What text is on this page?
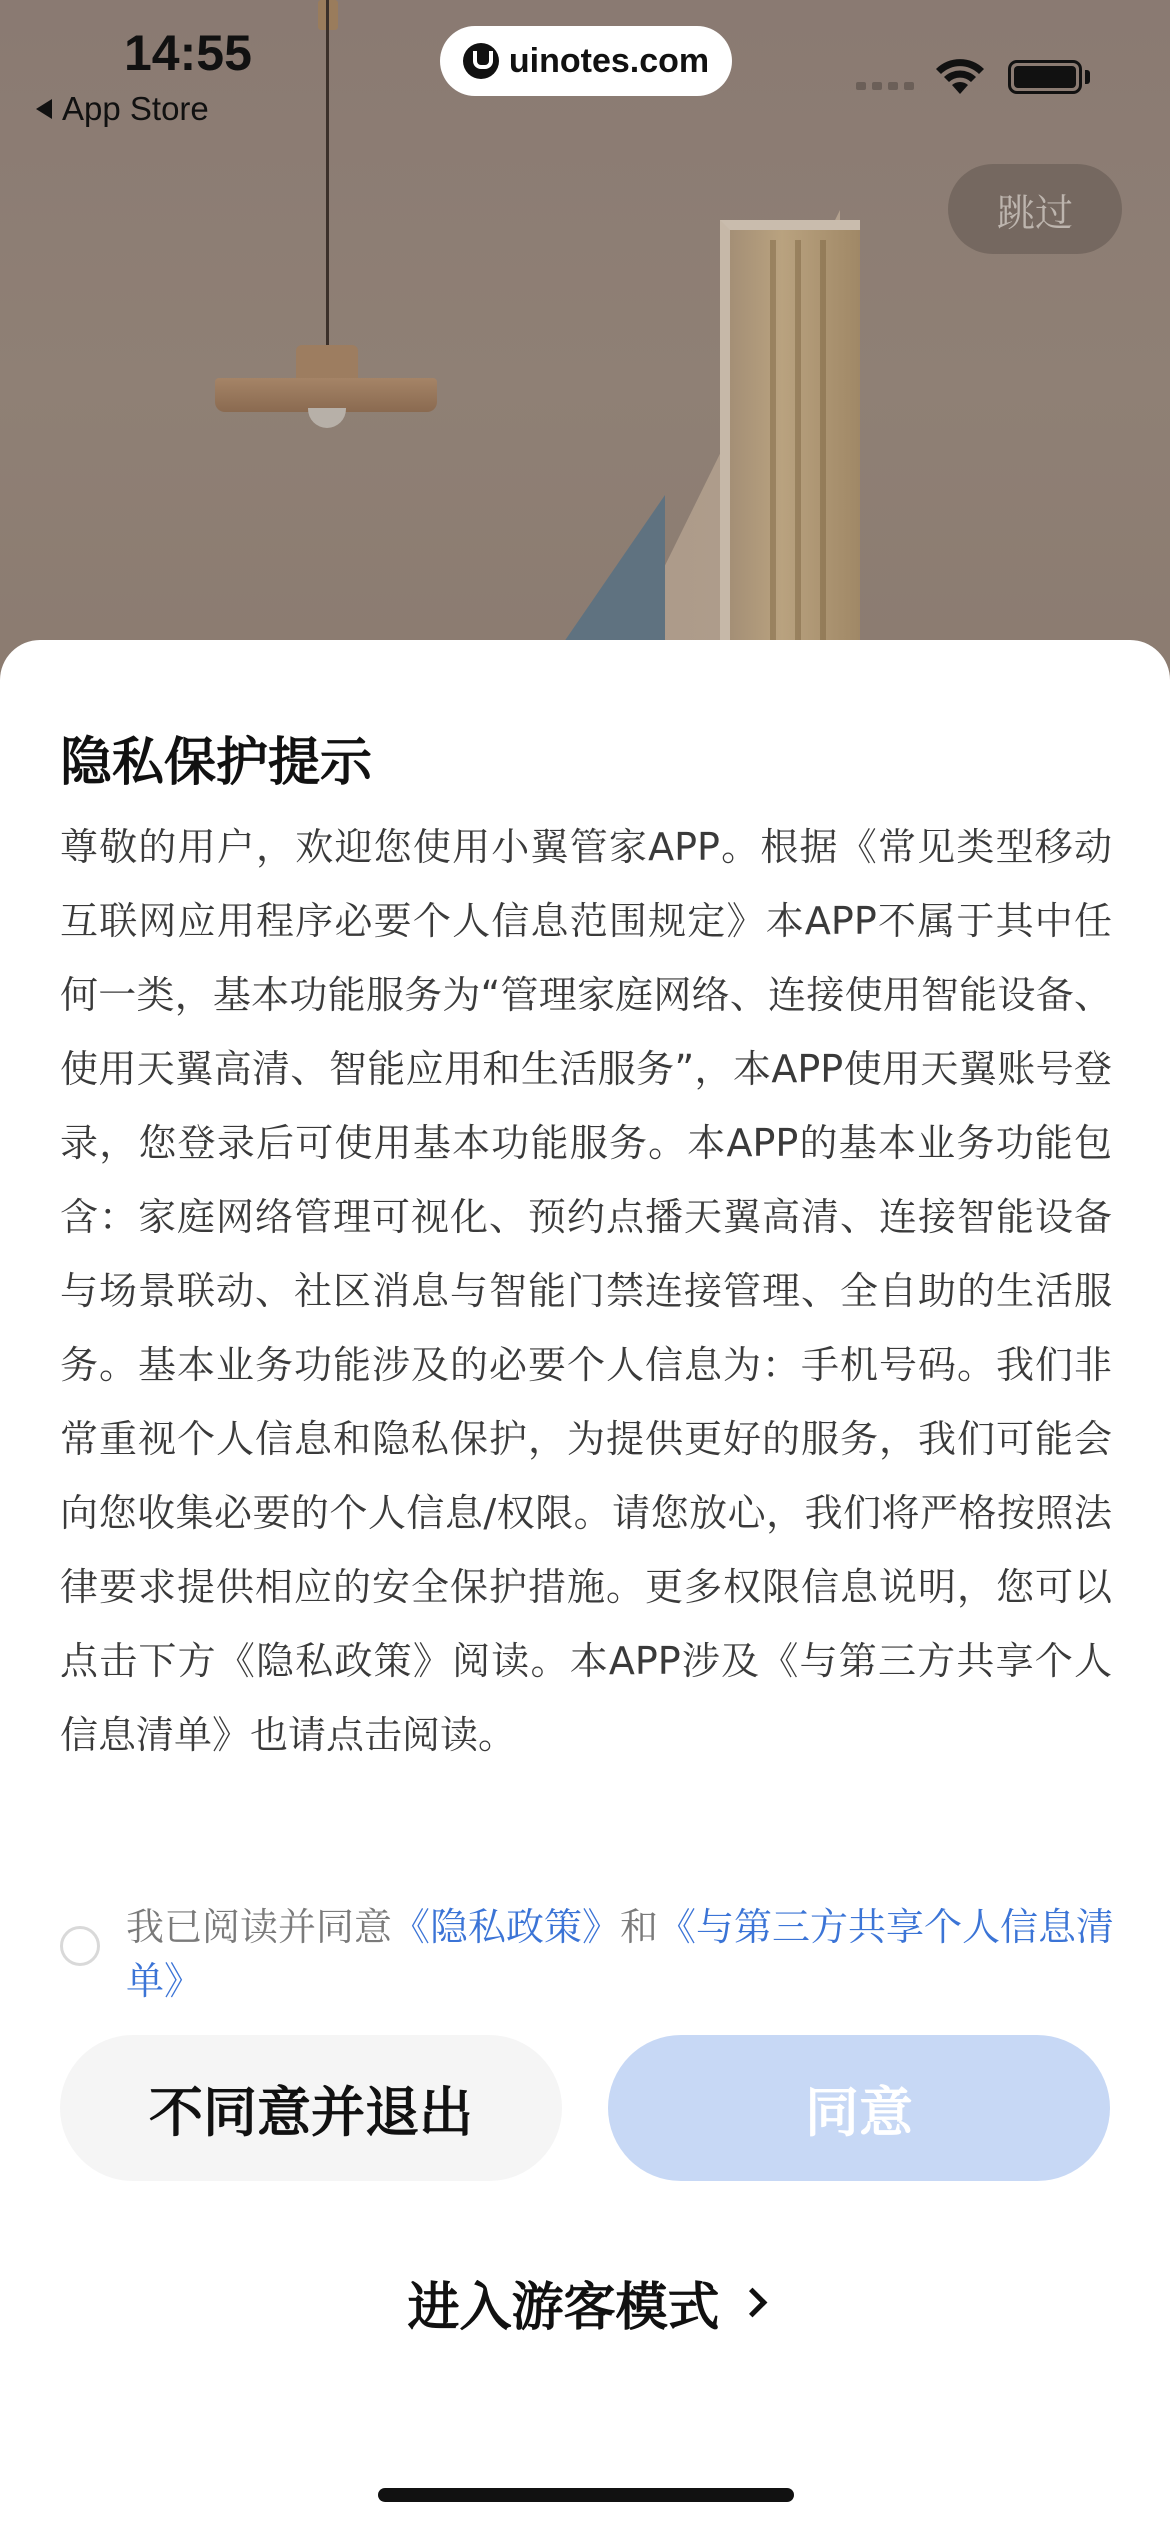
14:55
App Store
uinotes.com
跳过
隐私保护提示

尊敬的用户，欢迎您使用小翼管家APP。根据《常见类型移动互联网应用程序必要个人信息范围规定》本APP不属于其中任何一类，基本功能服务为“管理家庭网络、连接使用智能设备、使用天翼高清、智能应用和生活服务”，本APP使用天翼账号登录，您登录后可使用基本功能服务。本APP的基本业务功能包含：家庭网络管理可视化、预约点播天翼高清、连接智能设备与场景联动、社区消息与智能门禁连接管理、全自助的生活服务。基本业务功能涉及的必要个人信息为：手机号码。我们非常重视个人信息和隐私保护，为提供更好的服务，我们可能会向您收集必要的个人信息/权限。请您放心，我们将严格按照法律要求提供相应的安全保护措施。更多权限信息说明，您可以点击下方《隐私政策》阅读。本APP涉及《与第三方共享个人信息清单》也请点击阅读。

我已阅读并同意《隐私政策》和《与第三方共享个人信息清单》
不同意并退出	同意
进入游客模式
